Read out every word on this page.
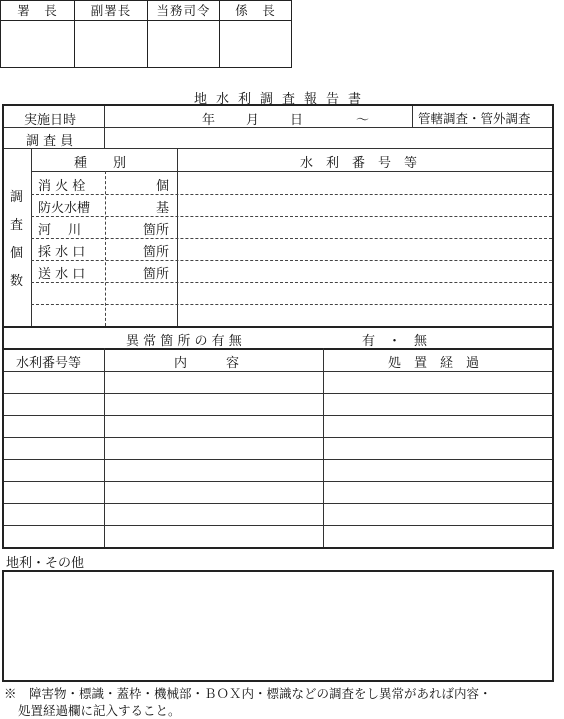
署　長	副署長	当務司令	係　長
地水利調査報告書
実施日時	年 月 日	〜	管轄調査・管外調査
調 査 員
調
査
個
数
種　　別	水　利　番　号　等
消 火 栓	個
防火水槽	基
河　 川	箇所
採 水 口	箇所
送 水 口	箇所
異 常 箇 所 の 有 無	有　・　無
水利番号等	内　　　容	処　置　経　過
地利・その他
※　障害物・標識・蓋枠・機械部・ＢＯＸ内・標識などの調査をし異常があれば内容・
処置経過欄に記入すること。
